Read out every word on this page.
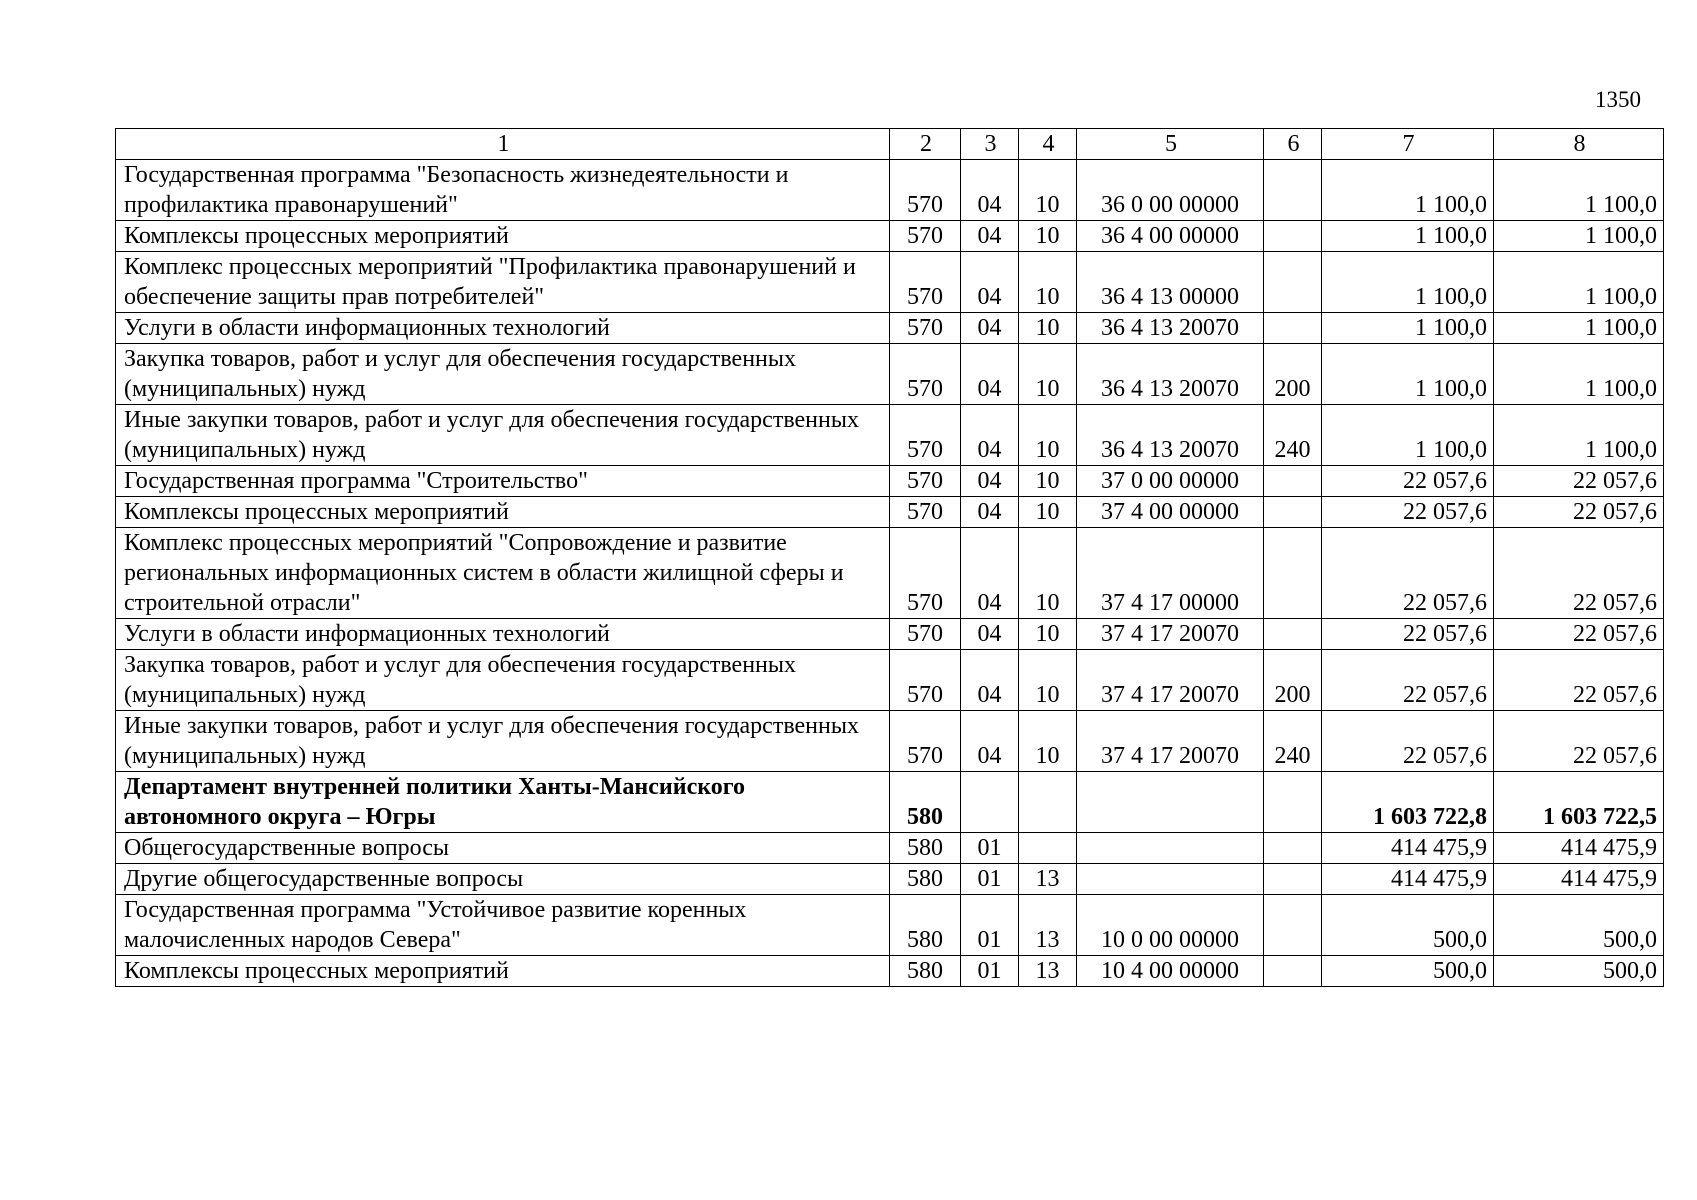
1350
1	2	3	4	5	6	7	8
Государственная программа "Безопасность жизнедеятельности и профилактика правонарушений"	570	04	10	36 0 00 00000		1 100,0	1 100,0
Комплексы процессных мероприятий	570	04	10	36 4 00 00000		1 100,0	1 100,0
Комплекс процессных мероприятий "Профилактика правонарушений и обеспечение защиты прав потребителей"	570	04	10	36 4 13 00000		1 100,0	1 100,0
Услуги в области информационных технологий	570	04	10	36 4 13 20070		1 100,0	1 100,0
Закупка товаров, работ и услуг для обеспечения государственных (муниципальных) нужд	570	04	10	36 4 13 20070	200	1 100,0	1 100,0
Иные закупки товаров, работ и услуг для обеспечения государственных (муниципальных) нужд	570	04	10	36 4 13 20070	240	1 100,0	1 100,0
Государственная программа "Строительство"	570	04	10	37 0 00 00000		22 057,6	22 057,6
Комплексы процессных мероприятий	570	04	10	37 4 00 00000		22 057,6	22 057,6
Комплекс процессных мероприятий "Сопровождение и развитие региональных информационных систем в области жилищной сферы и строительной отрасли"	570	04	10	37 4 17 00000		22 057,6	22 057,6
Услуги в области информационных технологий	570	04	10	37 4 17 20070		22 057,6	22 057,6
Закупка товаров, работ и услуг для обеспечения государственных (муниципальных) нужд	570	04	10	37 4 17 20070	200	22 057,6	22 057,6
Иные закупки товаров, работ и услуг для обеспечения государственных (муниципальных) нужд	570	04	10	37 4 17 20070	240	22 057,6	22 057,6
Департамент внутренней политики Ханты-Мансийского автономного округа – Югры	580					1 603 722,8	1 603 722,5
Общегосударственные вопросы	580	01				414 475,9	414 475,9
Другие общегосударственные вопросы	580	01	13			414 475,9	414 475,9
Государственная программа "Устойчивое развитие коренных малочисленных народов Севера"	580	01	13	10 0 00 00000		500,0	500,0
Комплексы процессных мероприятий	580	01	13	10 4 00 00000		500,0	500,0
